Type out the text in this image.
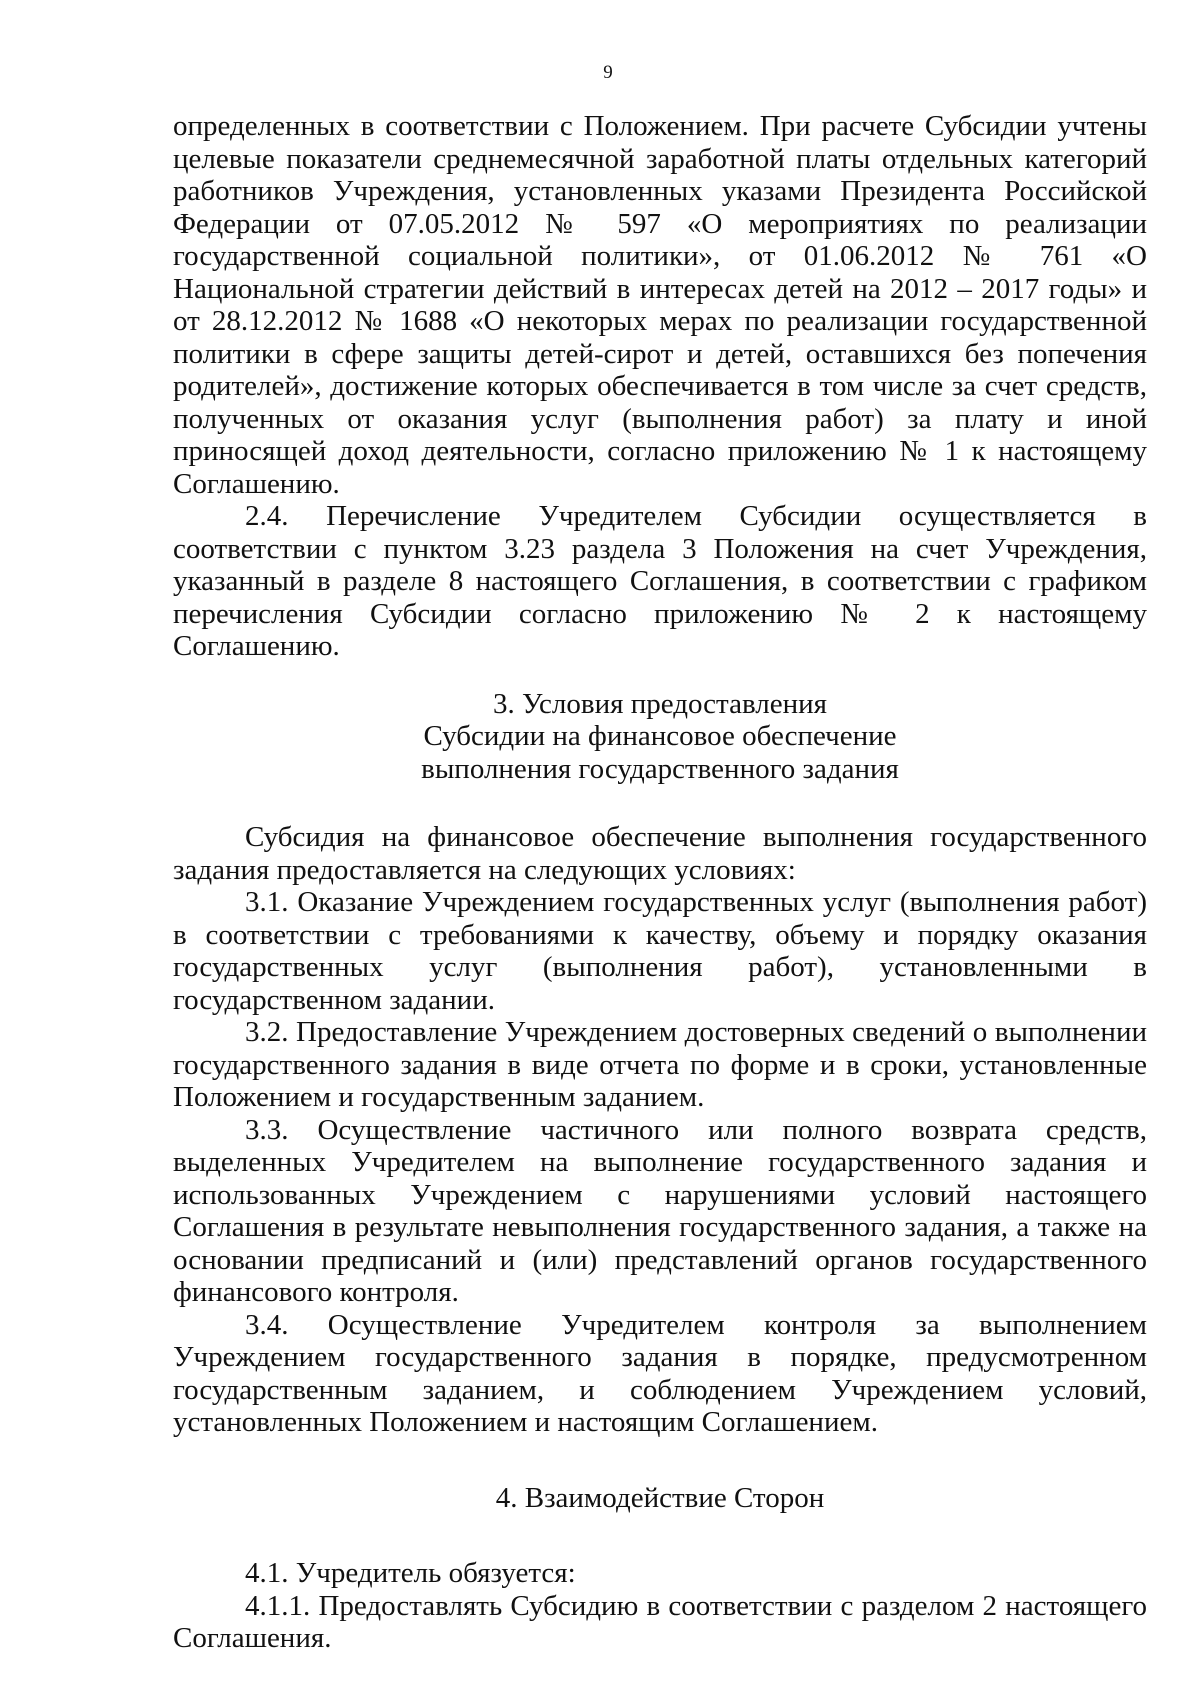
9

определенных в соответствии с Положением. При расчете Субсидии учтены целевые показатели среднемесячной заработной платы отдельных категорий работников Учреждения, установленных указами Президента Российской Федерации от 07.05.2012 № 597 «О мероприятиях по реализации государственной социальной политики», от 01.06.2012 № 761 «О Национальной стратегии действий в интересах детей на 2012 – 2017 годы» и от 28.12.2012 № 1688 «О некоторых мерах по реализации государственной политики в сфере защиты детей-сирот и детей, оставшихся без попечения родителей», достижение которых обеспечивается в том числе за счет средств, полученных от оказания услуг (выполнения работ) за плату и иной приносящей доход деятельности, согласно приложению № 1 к настоящему Соглашению.

2.4. Перечисление Учредителем Субсидии осуществляется в соответствии с пунктом 3.23 раздела 3 Положения на счет Учреждения, указанный в разделе 8 настоящего Соглашения, в соответствии с графиком перечисления Субсидии согласно приложению № 2 к настоящему Соглашению.

3. Условия предоставления

Субсидии на финансовое обеспечение

выполнения государственного задания

Субсидия на финансовое обеспечение выполнения государственного задания предоставляется на следующих условиях:

3.1. Оказание Учреждением государственных услуг (выполнения работ) в соответствии с требованиями к качеству, объему и порядку оказания государственных услуг (выполнения работ), установленными в государственном задании.

3.2. Предоставление Учреждением достоверных сведений о выполнении государственного задания в виде отчета по форме и в сроки, установленные Положением и государственным заданием.

3.3. Осуществление частичного или полного возврата средств, выделенных Учредителем на выполнение государственного задания и использованных Учреждением с нарушениями условий настоящего Соглашения в результате невыполнения государственного задания, а также на основании предписаний и (или) представлений органов государственного финансового контроля.

3.4. Осуществление Учредителем контроля за выполнением Учреждением государственного задания в порядке, предусмотренном государственным заданием, и соблюдением Учреждением условий, установленных Положением и настоящим Соглашением.

4. Взаимодействие Сторон

4.1. Учредитель обязуется:

4.1.1. Предоставлять Субсидию в соответствии с разделом 2 настоящего Соглашения.
